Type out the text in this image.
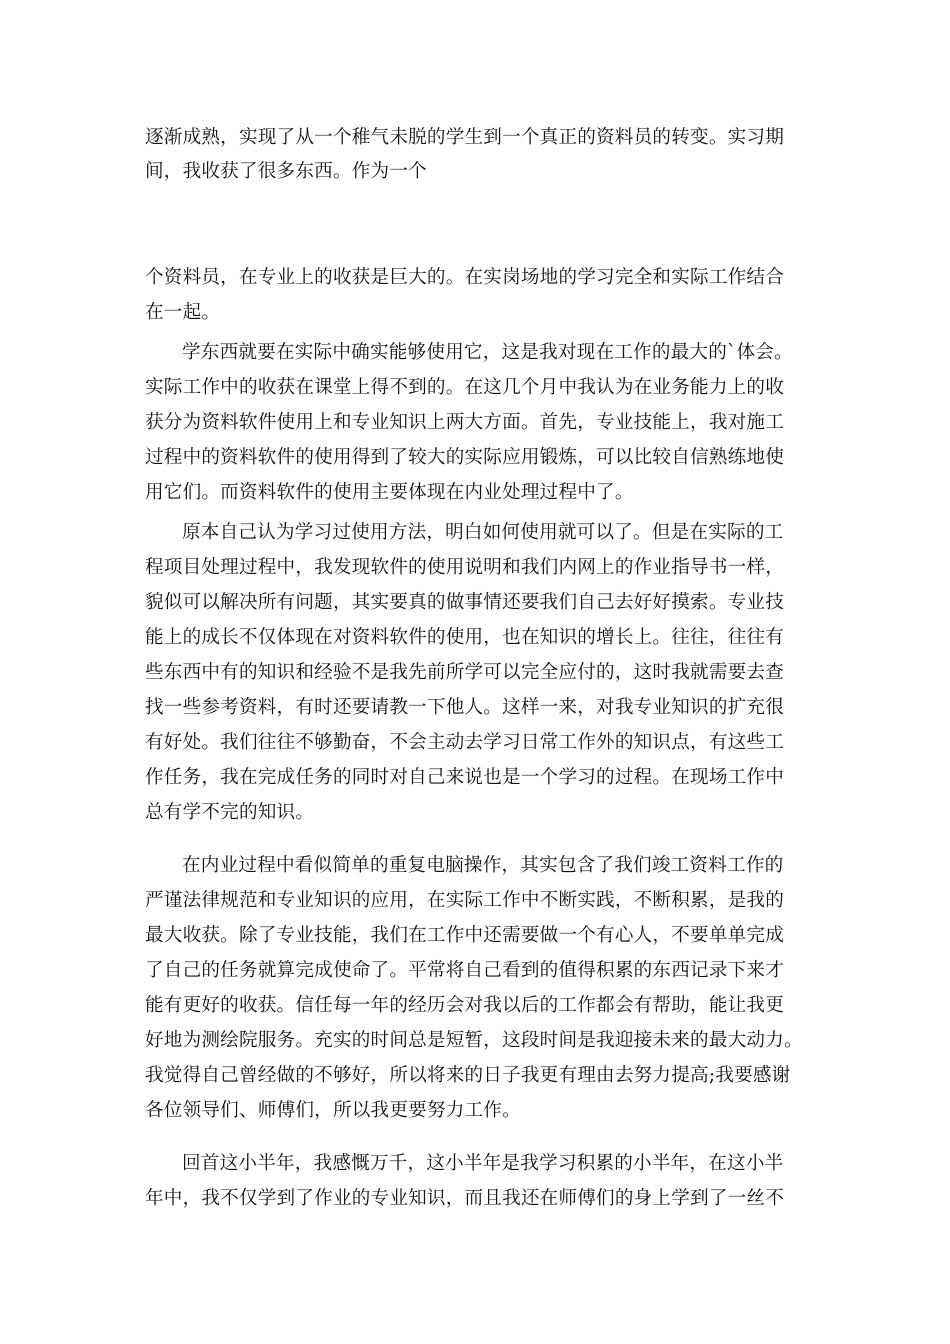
逐渐成熟，实现了从一个稚气未脱的学生到一个真正的资料员的转变。实习期
间，我收获了很多东西。作为一个
个资料员，在专业上的收获是巨大的。在实岗场地的学习完全和实际工作结合
在一起。
学东西就要在实际中确实能够使用它，这是我对现在工作的最大的`体会。
实际工作中的收获在课堂上得不到的。在这几个月中我认为在业务能力上的收
获分为资料软件使用上和专业知识上两大方面。首先，专业技能上，我对施工
过程中的资料软件的使用得到了较大的实际应用锻炼，可以比较自信熟练地使
用它们。而资料软件的使用主要体现在内业处理过程中了。
原本自己认为学习过使用方法，明白如何使用就可以了。但是在实际的工
程项目处理过程中，我发现软件的使用说明和我们内网上的作业指导书一样，
貌似可以解决所有问题，其实要真的做事情还要我们自己去好好摸索。专业技
能上的成长不仅体现在对资料软件的使用，也在知识的增长上。往往，往往有
些东西中有的知识和经验不是我先前所学可以完全应付的，这时我就需要去查
找一些参考资料，有时还要请教一下他人。这样一来，对我专业知识的扩充很
有好处。我们往往不够勤奋，不会主动去学习日常工作外的知识点，有这些工
作任务，我在完成任务的同时对自己来说也是一个学习的过程。在现场工作中
总有学不完的知识。
在内业过程中看似简单的重复电脑操作，其实包含了我们竣工资料工作的
严谨法律规范和专业知识的应用，在实际工作中不断实践，不断积累，是我的
最大收获。除了专业技能，我们在工作中还需要做一个有心人，不要单单完成
了自己的任务就算完成使命了。平常将自己看到的值得积累的东西记录下来才
能有更好的收获。信任每一年的经历会对我以后的工作都会有帮助，能让我更
好地为测绘院服务。充实的时间总是短暂，这段时间是我迎接未来的最大动力。
我觉得自己曾经做的不够好，所以将来的日子我更有理由去努力提高;我要感谢
各位领导们、师傅们，所以我更要努力工作。
回首这小半年，我感慨万千，这小半年是我学习积累的小半年，在这小半
年中，我不仅学到了作业的专业知识，而且我还在师傅们的身上学到了一丝不
